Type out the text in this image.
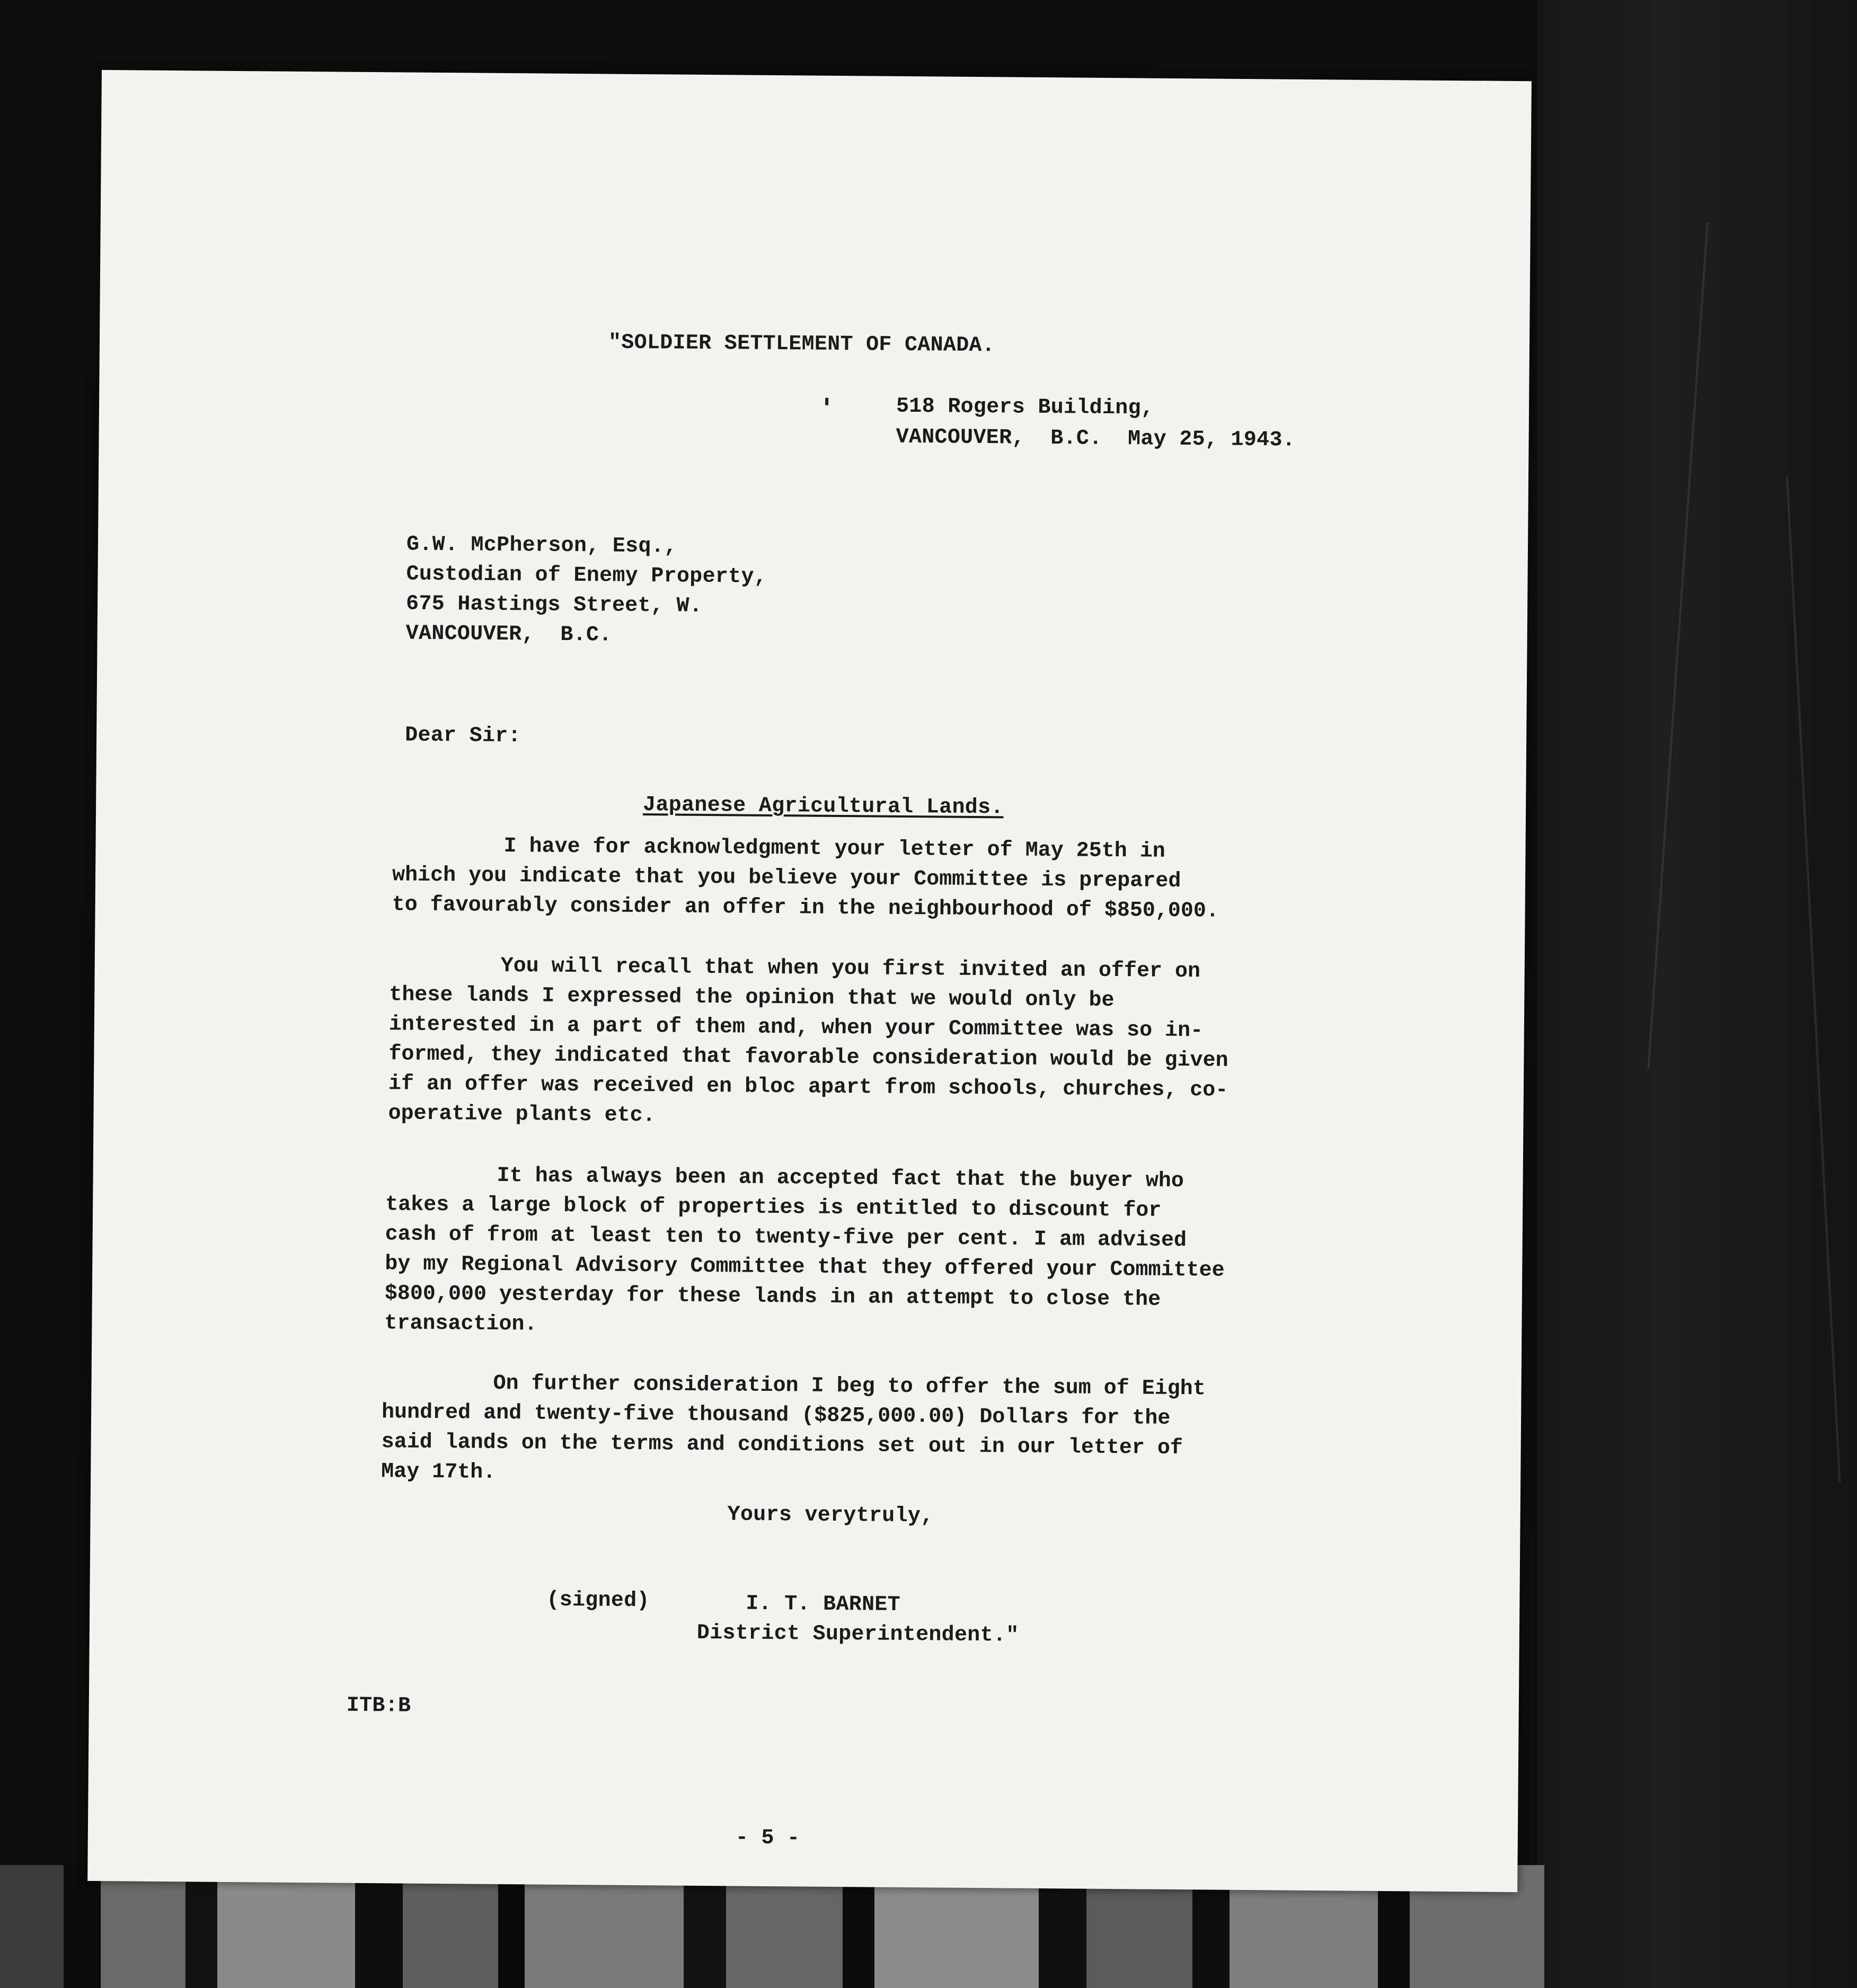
"SOLDIER SETTLEMENT OF CANADA.
518 Rogers Building,
VANCOUVER,  B.C.  May 25, 1943.
G.W. McPherson, Esq.,
Custodian of Enemy Property,
675 Hastings Street, W.
VANCOUVER,  B.C.
Dear Sir:
Japanese Agricultural Lands.
I have for acknowledgment your letter of May 25th in
which you indicate that you believe your Committee is prepared
to favourably consider an offer in the neighbourhood of $850,000.
You will recall that when you first invited an offer on
these lands I expressed the opinion that we would only be
interested in a part of them and, when your Committee was so in-
formed, they indicated that favorable consideration would be given
if an offer was received en bloc apart from schools, churches, co-
operative plants etc.
It has always been an accepted fact that the buyer who
takes a large block of properties is entitled to discount for
cash of from at least ten to twenty-five per cent. I am advised
by my Regional Advisory Committee that they offered your Committee
$800,000 yesterday for these lands in an attempt to close the
transaction.
On further consideration I beg to offer the sum of Eight
hundred and twenty-five thousand ($825,000.00) Dollars for the
said lands on the terms and conditions set out in our letter of
May 17th.
Yours verytruly,
(signed)	I. T. BARNET
District Superintendent."
ITB:B
- 5 -
